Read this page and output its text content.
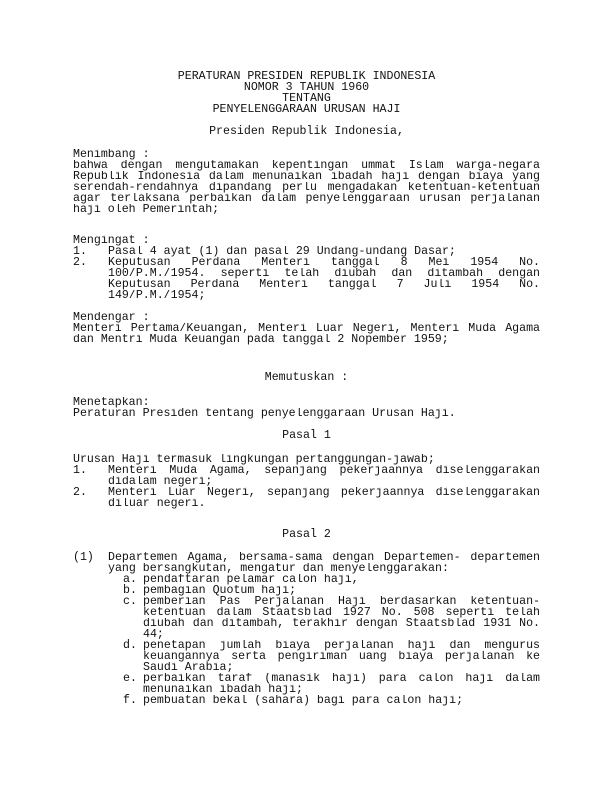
PERATURAN PRESIDEN REPUBLIK INDONESIA
NOMOR 3 TAHUN 1960
TENTANG
PENYELENGGARAAN URUSAN HAJI
Presiden Republik Indonesia,
Menimbang :
bahwa dengan mengutamakan kepentingan ummat Islam warga-negara
Republik Indonesia dalam menunaikan ibadah haji dengan biaya yang
serendah-rendahnya dipandang perlu mengadakan ketentuan-ketentuan
agar terlaksana perbaikan dalam penyelenggaraan urusan perjalanan
haji oleh Pemerintah;
Mengingat :
1. Pasal 4 ayat (1) dan pasal 29 Undang-undang Dasar;
2. Keputusan Perdana Menteri tanggal 8 Mei 1954 No.
100/P.M./1954. seperti telah diubah dan ditambah dengan
Keputusan Perdana Menteri tanggal 7 Juli 1954 No.
149/P.M./1954;
Mendengar :
Menteri Pertama/Keuangan, Menteri Luar Negeri, Menteri Muda Agama
dan Mentri Muda Keuangan pada tanggal 2 Nopember 1959;
Memutuskan :
Menetapkan:
Peraturan Presiden tentang penyelenggaraan Urusan Haji.
Pasal 1
Urusan Haji termasuk lingkungan pertanggungan-jawab;
1. Menteri Muda Agama, sepanjang pekerjaannya diselenggarakan
didalam negeri;
2. Menteri Luar Negeri, sepanjang pekerjaannya diselenggarakan
diluar negeri.
Pasal 2
(1) Departemen Agama, bersama-sama dengan Departemen- departemen
yang bersangkutan, mengatur dan menyelenggarakan:
a. pendaftaran pelamar calon haji,
b. pembagian Quotum haji;
c. pemberian Pas Perjalanan Haji berdasarkan ketentuan-
ketentuan dalam Staatsblad 1927 No. 508 seperti telah
diubah dan ditambah, terakhir dengan Staatsblad 1931 No.
44;
d. penetapan jumlah biaya perjalanan haji dan mengurus
keuangannya serta pengiriman uang biaya perjalanan ke
Saudi Arabia;
e. perbaikan taraf (manasik haji) para calon haji dalam
menunaikan ibadah haji;
f. pembuatan bekal (sahara) bagi para calon haji;
